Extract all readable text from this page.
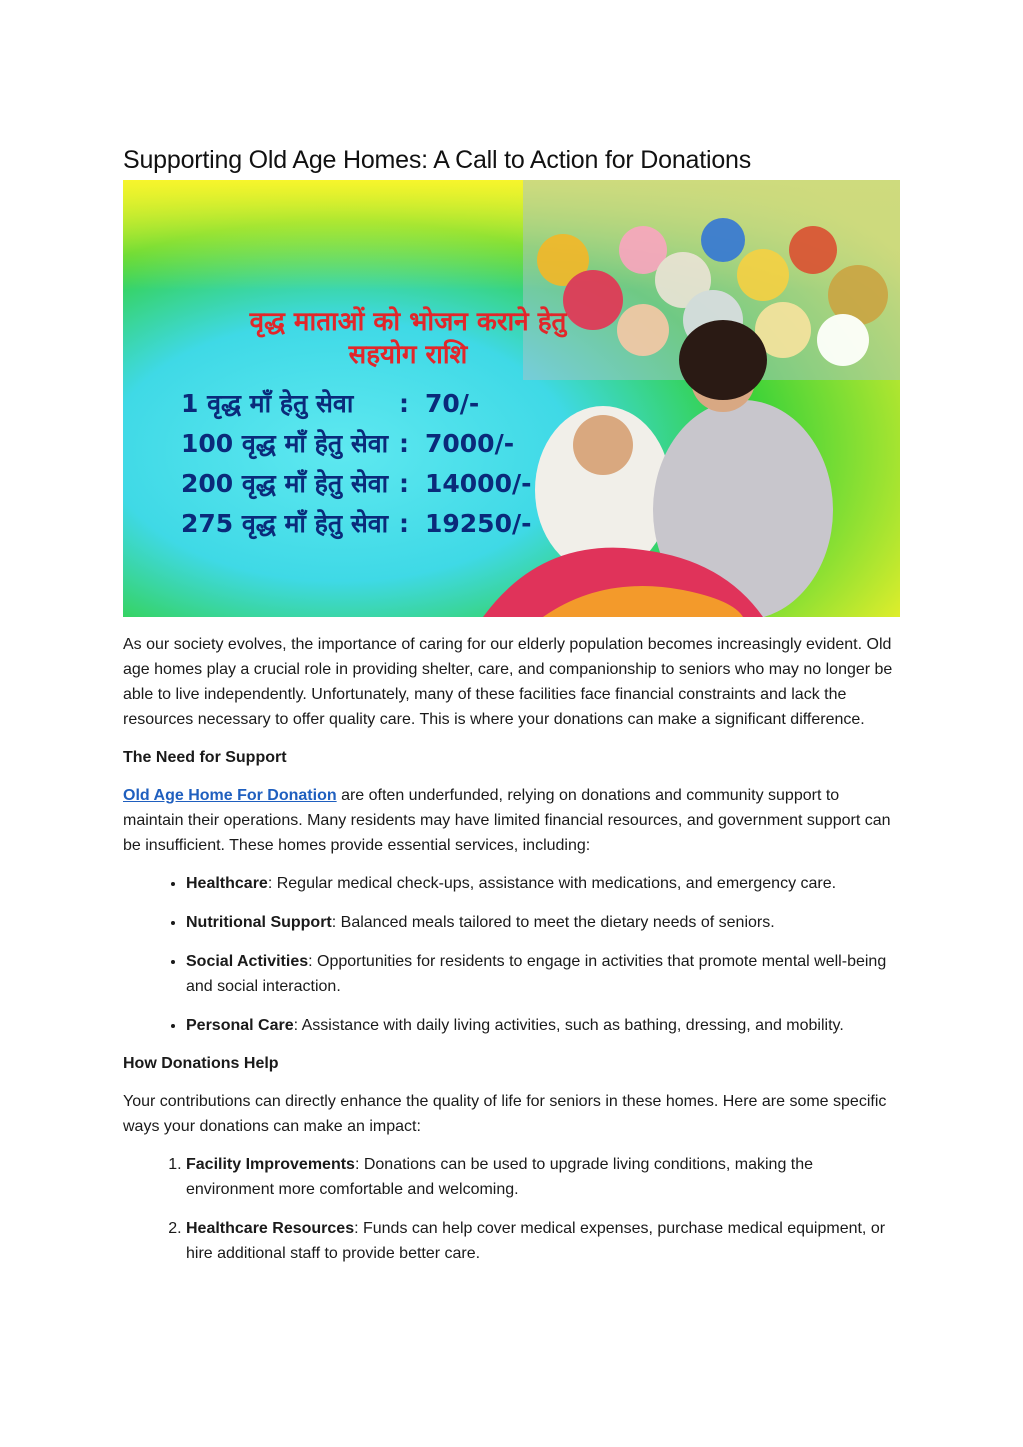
Supporting Old Age Homes: A Call to Action for Donations
वृद्ध माताओं को भोजन कराने हेतु
सहयोग राशि
1 वृद्ध माँ हेतु सेवा : 70/-
100 वृद्ध माँ हेतु सेवा : 7000/-
200 वृद्ध माँ हेतु सेवा : 14000/-
275 वृद्ध माँ हेतु सेवा : 19250/-

As our society evolves, the importance of caring for our elderly population becomes increasingly evident. Old age homes play a crucial role in providing shelter, care, and companionship to seniors who may no longer be able to live independently. Unfortunately, many of these facilities face financial constraints and lack the resources necessary to offer quality care. This is where your donations can make a significant difference.

The Need for Support

Old Age Home For Donation are often underfunded, relying on donations and community support to maintain their operations. Many residents may have limited financial resources, and government support can be insufficient. These homes provide essential services, including:

• Healthcare: Regular medical check-ups, assistance with medications, and emergency care.
• Nutritional Support: Balanced meals tailored to meet the dietary needs of seniors.
• Social Activities: Opportunities for residents to engage in activities that promote mental well-being and social interaction.
• Personal Care: Assistance with daily living activities, such as bathing, dressing, and mobility.
How Donations Help

Your contributions can directly enhance the quality of life for seniors in these homes. Here are some specific ways your donations can make an impact:

1. Facility Improvements: Donations can be used to upgrade living conditions, making the environment more comfortable and welcoming.
2. Healthcare Resources: Funds can help cover medical expenses, purchase medical equipment, or hire additional staff to provide better care.
